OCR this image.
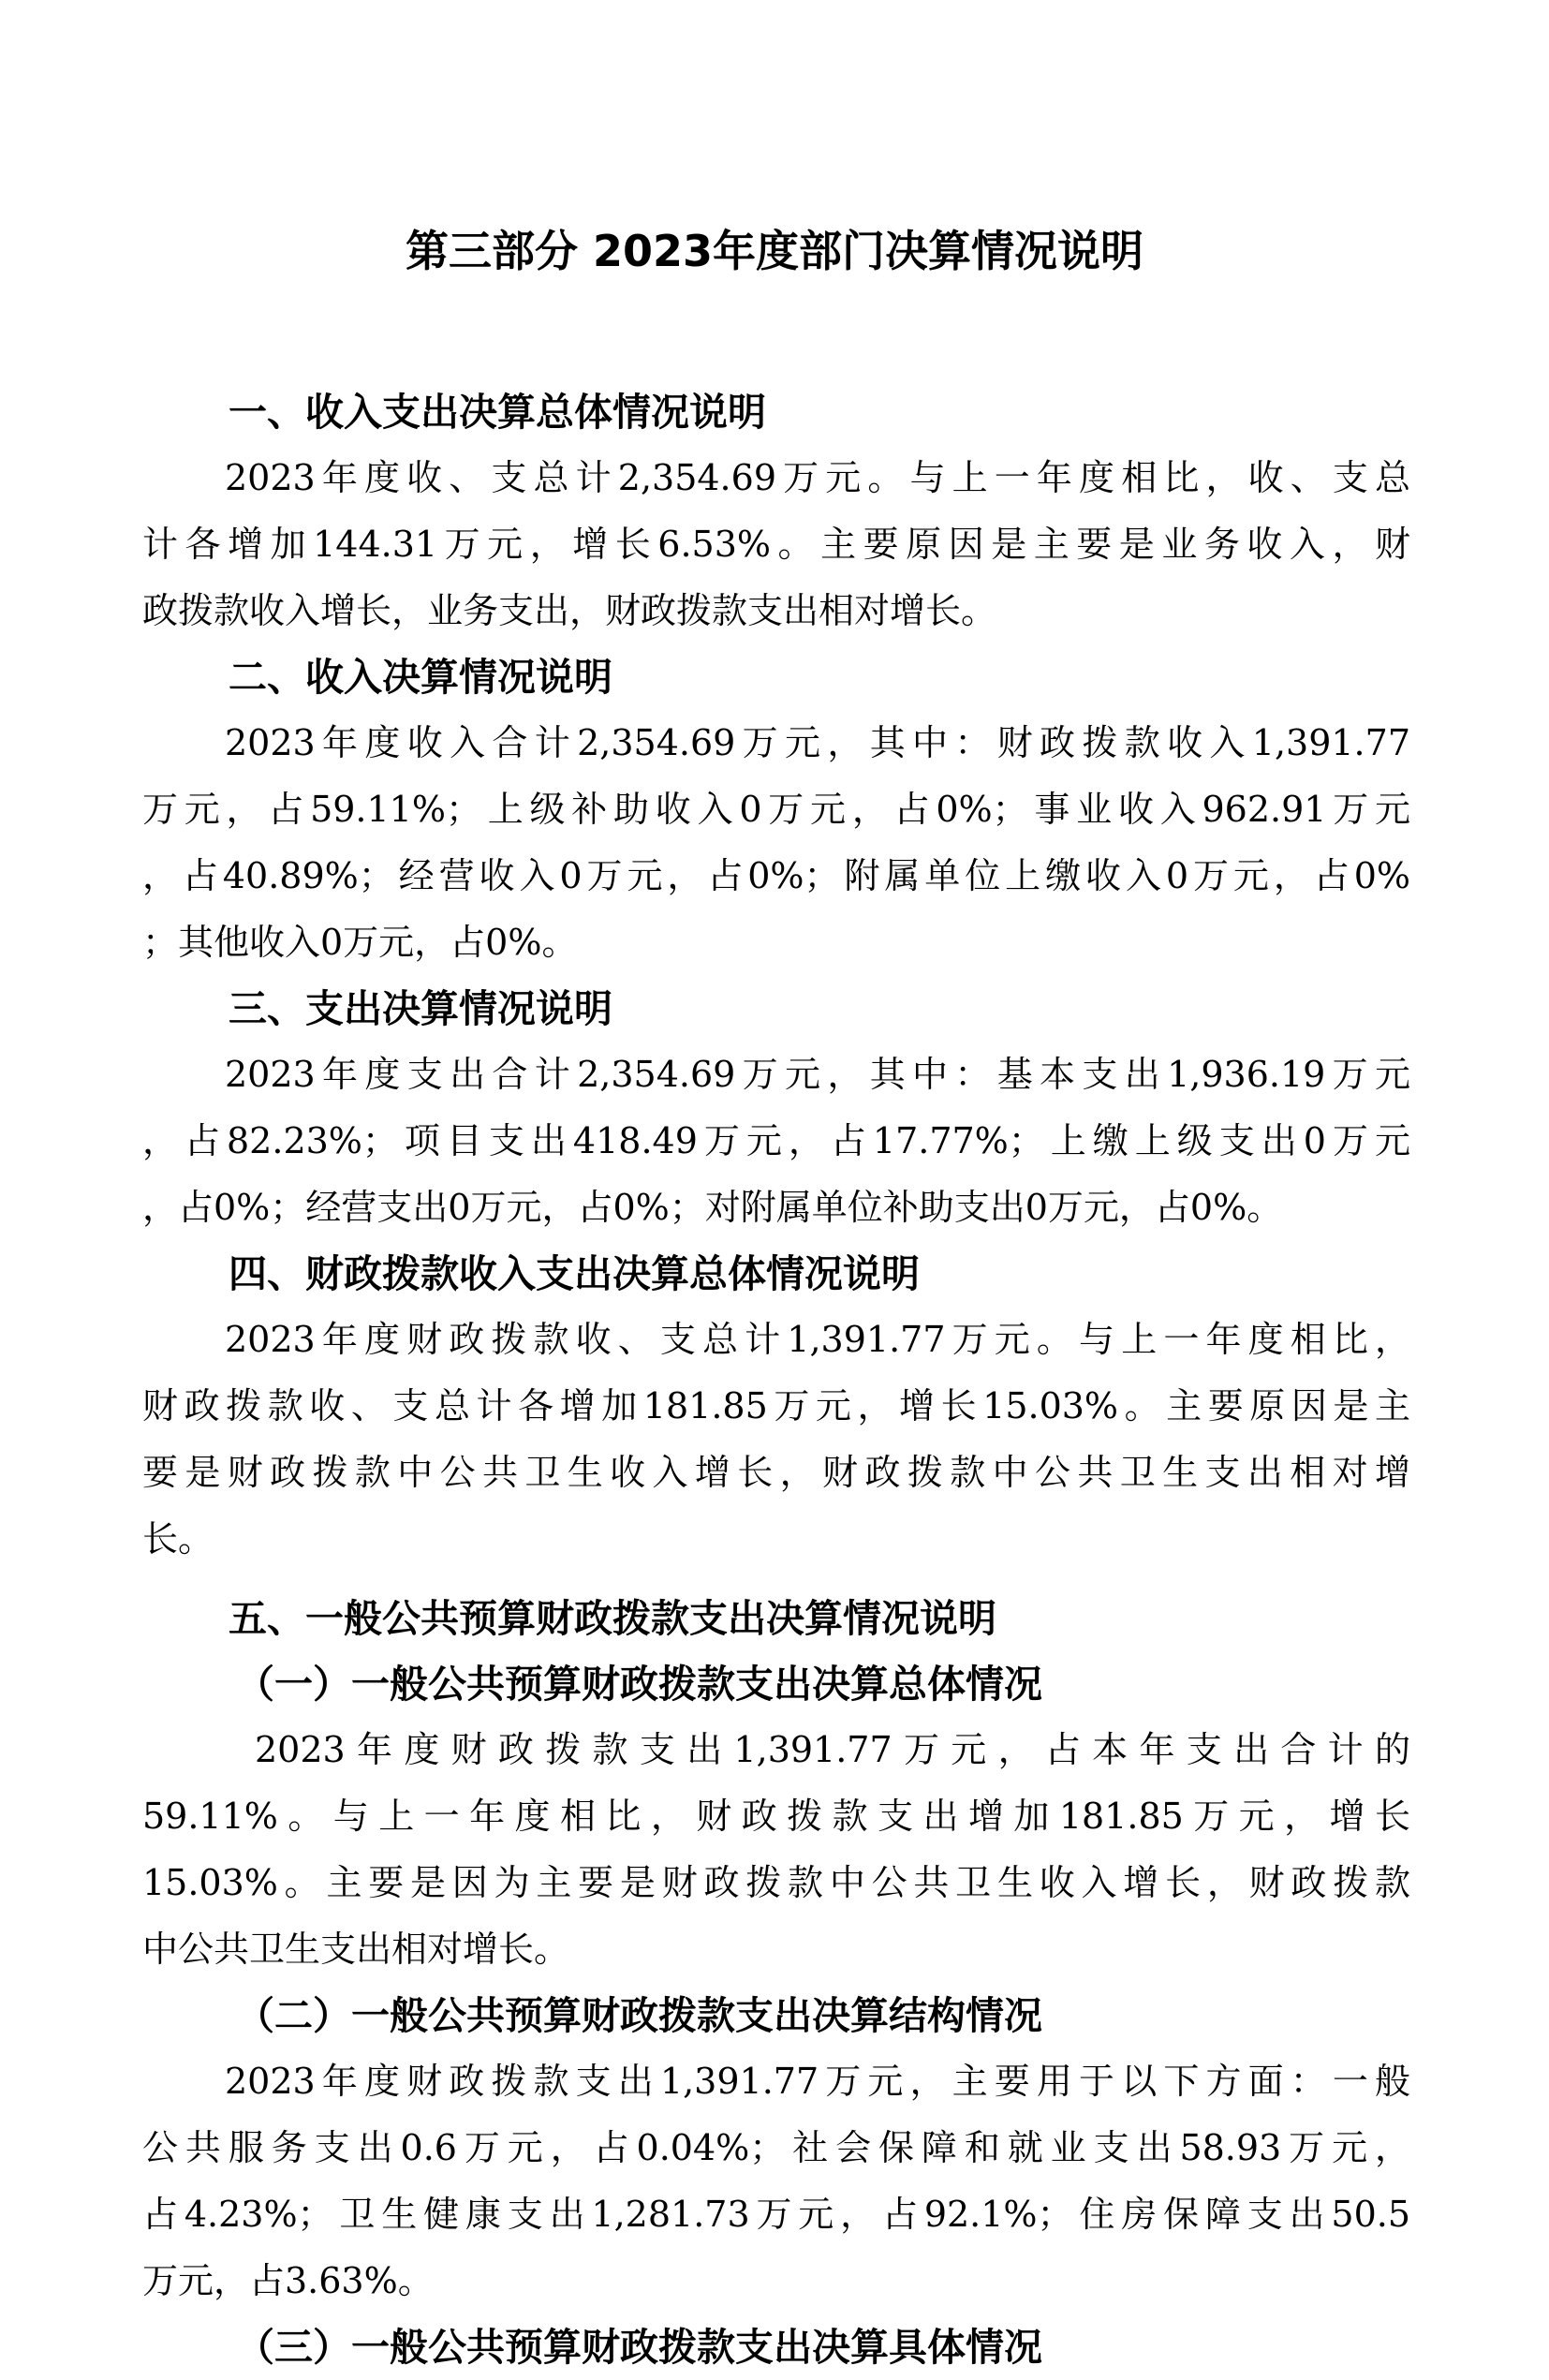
第三部分 2023年度部门决算情况说明
一、收入支出决算总体情况说明
2023年度收、支总计2,354.69万元。与上一年度相比，收、支总
计各增加144.31万元，增长6.53%。主要原因是主要是业务收入，财
政拨款收入增长，业务支出，财政拨款支出相对增长。
二、收入决算情况说明
2023年度收入合计2,354.69万元，其中：财政拨款收入1,391.77
万元，占59.11%；上级补助收入0万元，占0%；事业收入962.91万元
，占40.89%；经营收入0万元，占0%；附属单位上缴收入0万元，占0%
；其他收入0万元，占0%。
三、支出决算情况说明
2023年度支出合计2,354.69万元，其中：基本支出1,936.19万元
，占82.23%；项目支出418.49万元，占17.77%；上缴上级支出0万元
，占0%；经营支出0万元，占0%；对附属单位补助支出0万元，占0%。
四、财政拨款收入支出决算总体情况说明
2023年度财政拨款收、支总计1,391.77万元。与上一年度相比，
财政拨款收、支总计各增加181.85万元，增长15.03%。主要原因是主
要是财政拨款中公共卫生收入增长，财政拨款中公共卫生支出相对增
长。
五、一般公共预算财政拨款支出决算情况说明
（一）一般公共预算财政拨款支出决算总体情况
2023年度财政拨款支出1,391.77万元，占本年支出合计的
59.11%。与上一年度相比，财政拨款支出增加181.85万元，增长
15.03%。主要是因为主要是财政拨款中公共卫生收入增长，财政拨款
中公共卫生支出相对增长。
（二）一般公共预算财政拨款支出决算结构情况
2023年度财政拨款支出1,391.77万元，主要用于以下方面：一般
公共服务支出0.6万元，占0.04%；社会保障和就业支出58.93万元，
占4.23%；卫生健康支出1,281.73万元，占92.1%；住房保障支出50.5
万元，占3.63%。
（三）一般公共预算财政拨款支出决算具体情况
